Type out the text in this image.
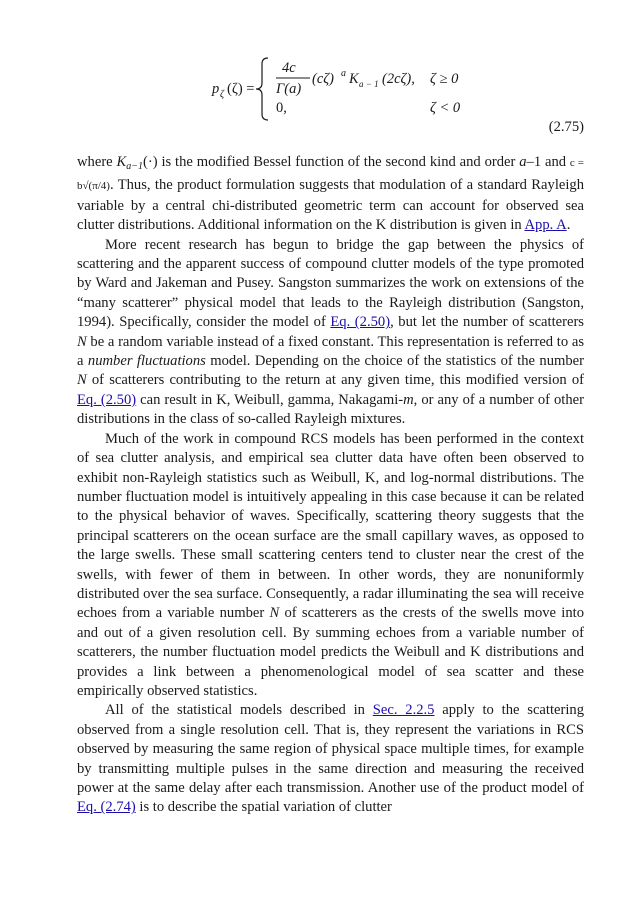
p ζ (ζ) =
4c
Γ(a)
(cζ) a K a − 1 (2cζ), ζ ≥ 0
0,	ζ < 0
(2.75)

where $K_{a-1}(\cdot)$ is the modified Bessel function of the second kind and order a–1 and c = b√(π/4). Thus, the product formulation suggests that modulation of a standard Rayleigh variable by a central chi-distributed geometric term can account for observed sea clutter distributions. Additional information on the K distribution is given in App. A.

More recent research has begun to bridge the gap between the physics of scattering and the apparent success of compound clutter models of the type promoted by Ward and Jakeman and Pusey. Sangston summarizes the work on extensions of the “many scatterer” physical model that leads to the Rayleigh distribution (Sangston, 1994). Specifically, consider the model of Eq. (2.50), but let the number of scatterers N be a random variable instead of a fixed constant. This representation is referred to as a number fluctuations model. Depending on the choice of the statistics of the number N of scatterers contributing to the return at any given time, this modified version of Eq. (2.50) can result in K, Weibull, gamma, Nakagami-m, or any of a number of other distributions in the class of so-called Rayleigh mixtures.

Much of the work in compound RCS models has been performed in the context of sea clutter analysis, and empirical sea clutter data have often been observed to exhibit non-Rayleigh statistics such as Weibull, K, and log-normal distributions. The number fluctuation model is intuitively appealing in this case because it can be related to the physical behavior of waves. Specifically, scattering theory suggests that the principal scatterers on the ocean surface are the small capillary waves, as opposed to the large swells. These small scattering centers tend to cluster near the crest of the swells, with fewer of them in between. In other words, they are nonuniformly distributed over the sea surface. Consequently, a radar illuminating the sea will receive echoes from a variable number N of scatterers as the crests of the swells move into and out of a given resolution cell. By summing echoes from a variable number of scatterers, the number fluctuation model predicts the Weibull and K distributions and provides a link between a phenomenological model of sea scatter and these empirically observed statistics.

All of the statistical models described in Sec. 2.2.5 apply to the scattering observed from a single resolution cell. That is, they represent the variations in RCS observed by measuring the same region of physical space multiple times, for example by transmitting multiple pulses in the same direction and measuring the received power at the same delay after each transmission. Another use of the product model of Eq. (2.74) is to describe the spatial variation of clutter
